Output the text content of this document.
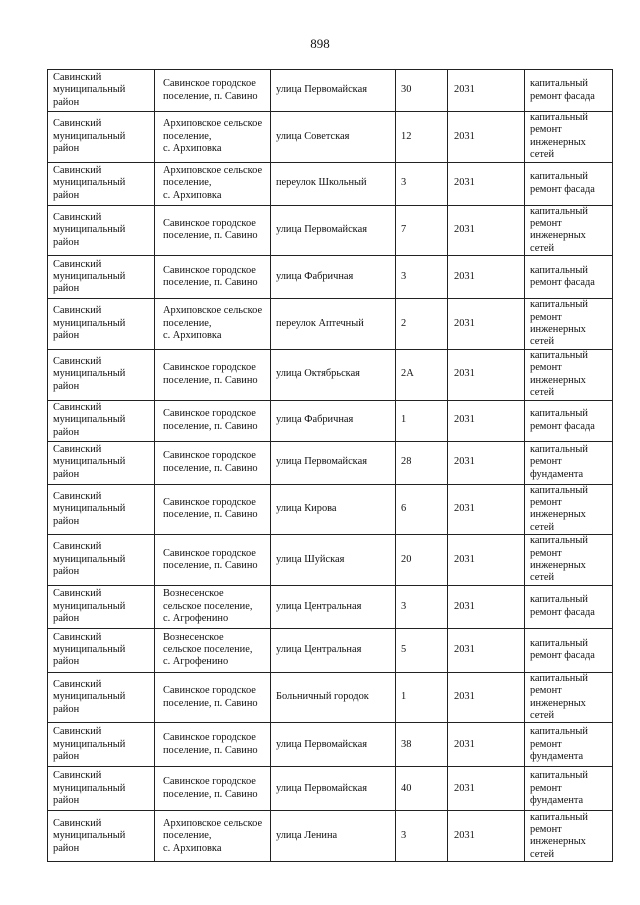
898
Савинский
муниципальный
район	Савинское городское
поселение, п. Савино	улица Первомайская	30	2031	капитальный
ремонт фасада

Савинский
муниципальный
район	Архиповское сельское
поселение,
с. Архиповка	улица Советская	12	2031	капитальный
ремонт
инженерных
сетей

Савинский
муниципальный
район	Архиповское сельское
поселение,
с. Архиповка	переулок Школьный	3	2031	капитальный
ремонт фасада

Савинский
муниципальный
район	Савинское городское
поселение, п. Савино	улица Первомайская	7	2031	капитальный
ремонт
инженерных
сетей

Савинский
муниципальный
район	Савинское городское
поселение, п. Савино	улица Фабричная	3	2031	капитальный
ремонт фасада

Савинский
муниципальный
район	Архиповское сельское
поселение,
с. Архиповка	переулок Аптечный	2	2031	капитальный
ремонт
инженерных
сетей

Савинский
муниципальный
район	Савинское городское
поселение, п. Савино	улица Октябрьская	2А	2031	капитальный
ремонт
инженерных
сетей

Савинский
муниципальный
район	Савинское городское
поселение, п. Савино	улица Фабричная	1	2031	капитальный
ремонт фасада

Савинский
муниципальный
район	Савинское городское
поселение, п. Савино	улица Первомайская	28	2031	капитальный
ремонт
фундамента

Савинский
муниципальный
район	Савинское городское
поселение, п. Савино	улица Кирова	6	2031	капитальный
ремонт
инженерных
сетей

Савинский
муниципальный
район	Савинское городское
поселение, п. Савино	улица Шуйская	20	2031	капитальный
ремонт
инженерных
сетей

Савинский
муниципальный
район	Вознесенское
сельское поселение,
с. Агрофенино	улица Центральная	3	2031	капитальный
ремонт фасада

Савинский
муниципальный
район	Вознесенское
сельское поселение,
с. Агрофенино	улица Центральная	5	2031	капитальный
ремонт фасада

Савинский
муниципальный
район	Савинское городское
поселение, п. Савино	Больничный городок	1	2031	капитальный
ремонт
инженерных
сетей

Савинский
муниципальный
район	Савинское городское
поселение, п. Савино	улица Первомайская	38	2031	капитальный
ремонт
фундамента

Савинский
муниципальный
район	Савинское городское
поселение, п. Савино	улица Первомайская	40	2031	капитальный
ремонт
фундамента

Савинский
муниципальный
район	Архиповское сельское
поселение,
с. Архиповка	улица Ленина	3	2031	капитальный
ремонт
инженерных
сетей
